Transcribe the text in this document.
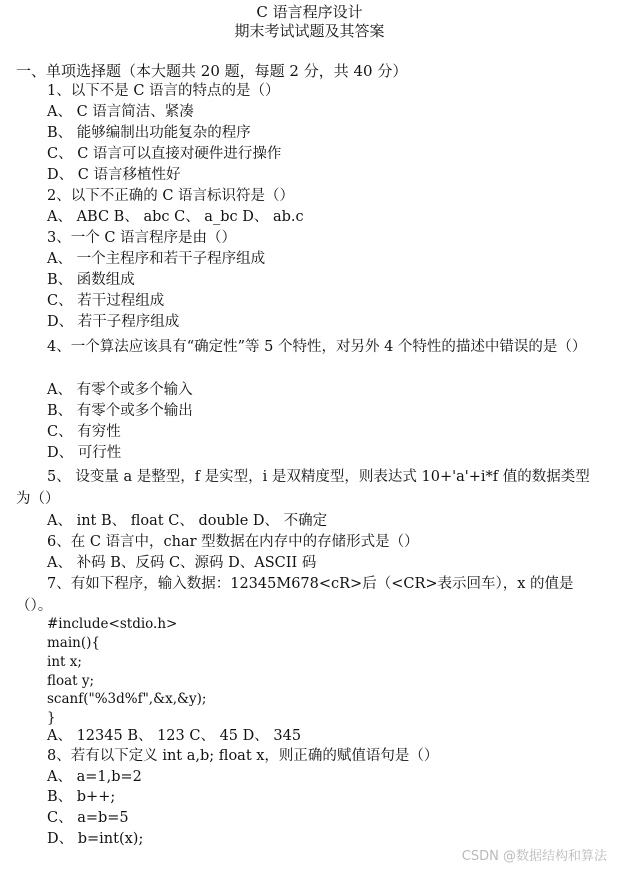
C 语言程序设计
期末考试试题及其答案
一、单项选择题（本大题共 20 题，每题 2 分，共 40 分）
1、以下不是 C 语言的特点的是（）
A、 C 语言简洁、紧凑
B、 能够编制出功能复杂的程序
C、 C 语言可以直接对硬件进行操作
D、 C 语言移植性好
2、以下不正确的 C 语言标识符是（）
A、 ABC B、 abc C、 a_bc D、 ab.c
3、一个 C 语言程序是由（）
A、 一个主程序和若干子程序组成
B、 函数组成
C、 若干过程组成
D、 若干子程序组成
4、一个算法应该具有“确定性”等 5 个特性，对另外 4 个特性的描述中错误的是（）
A、 有零个或多个输入
B、 有零个或多个输出
C、 有穷性
D、 可行性
5、 设变量 a 是整型，f 是实型，i 是双精度型，则表达式 10+'a'+i*f 值的数据类型为（）
A、 int B、 float C、 double D、 不确定
6、在 C 语言中，char 型数据在内存中的存储形式是（）
A、 补码 B、反码 C、源码 D、ASCII 码
7、有如下程序，输入数据：12345M678<cR>后（<CR>表示回车），x 的值是（）。
#include<stdio.h>
main(){
int x;
float y;
scanf("%3d%f",&x,&y);
}
A、 12345 B、 123 C、 45 D、 345
8、若有以下定义 int a,b; float x，则正确的赋值语句是（）
A、 a=1,b=2
B、 b++;
C、 a=b=5
D、 b=int(x);
CSDN @数据结构和算法
